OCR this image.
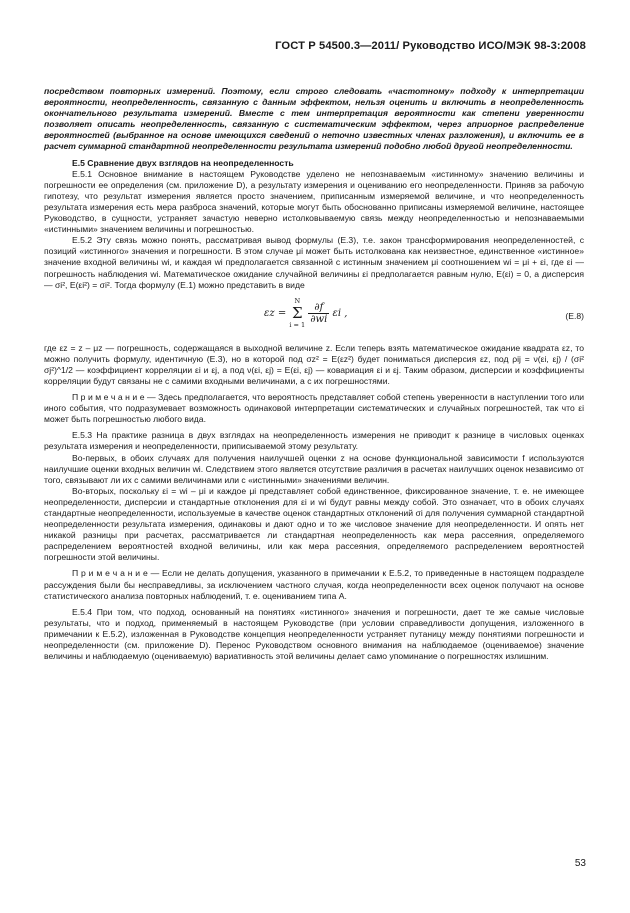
ГОСТ Р 54500.3—2011/ Руководство ИСО/МЭК 98-3:2008

посредством повторных измерений. Поэтому, если строго следовать «частотному» подходу к интерпретации вероятности, неопределенность, связанную с данным эффектом, нельзя оценить и включить в неопределенность окончательного результата измерений. Вместе с тем интерпретация вероятности как степени уверенности позволяет описать неопределенность, связанную с систематическим эффектом, через априорное распределение вероятностей (выбранное на основе имеющихся сведений о неточно известных членах разложения), и включить ее в расчет суммарной стандартной неопределенности результата измерений подобно любой другой неопределенности.

Е.5 Сравнение двух взглядов на неопределенность

Е.5.1 Основное внимание в настоящем Руководстве уделено не непознаваемым «истинному» значению величины и погрешности ее определения (см. приложение D), а результату измерения и оцениванию его неопределенности. Приняв за рабочую гипотезу, что результат измерения является просто значением, приписанным измеряемой величине, и что неопределенность результата измерения есть мера разброса значений, которые могут быть обоснованно приписаны измеряемой величине, настоящее Руководство, в сущности, устраняет зачастую неверно истолковываемую связь между неопределенностью и непознаваемыми «истинными» значением величины и погрешностью.

Е.5.2 Эту связь можно понять, рассматривая вывод формулы (Е.3), т.е. закон трансформирования неопределенностей, с позиций «истинного» значения и погрешности. В этом случае μi может быть истолкована как неизвестное, единственное «истинное» значение входной величины wi, и каждая wi предполагается связанной с истинным значением μi соотношением wi = μi + εi, где εi — погрешность наблюдения wi. Математическое ожидание случайной величины εi предполагается равным нулю, E(εi) = 0, а дисперсия — σi², E(εi²) = σi². Тогда формулу (Е.1) можно представить в виде

εz =
N
Σ
i = 1
$\frac{\partial f}{\partial wi}$ εi ,	(Е.8)

где εz = z – μz — погрешность, содержащаяся в выходной величине z. Если теперь взять математическое ожидание квадрата εz, то можно получить формулу, идентичную (Е.3), но в которой под σz² = E(εz²) будет пониматься дисперсия εz, под ρij = ν(εi, εj) / (σi² σj²)^1/2 — коэффициент корреляции εi и εj, а под ν(εi, εj) = E(εi, εj) — ковариация εi и εj. Таким образом, дисперсии и коэффициенты корреляции будут связаны не с самими входными величинами, а с их погрешностями.

П р и м е ч а н и е — Здесь предполагается, что вероятность представляет собой степень уверенности в наступлении того или иного события, что подразумевает возможность одинаковой интерпретации систематических и случайных погрешностей, так что εi может быть погрешностью любого вида.

Е.5.3 На практике разница в двух взглядах на неопределенность измерения не приводит к разнице в числовых оценках результата измерения и неопределенности, приписываемой этому результату.

Во-первых, в обоих случаях для получения наилучшей оценки z на основе функциональной зависимости f используются наилучшие оценки входных величин wi. Следствием этого является отсутствие различия в расчетах наилучших оценок независимо от того, связывают ли их с самими величинами или с «истинными» значениями величин.

Во-вторых, поскольку εi = wi – μi и каждое μi представляет собой единственное, фиксированное значение, т. е. не имеющее неопределенности, дисперсии и стандартные отклонения для εi и wi будут равны между собой. Это означает, что в обоих случаях стандартные неопределенности, используемые в качестве оценок стандартных отклонений σi для получения суммарной стандартной неопределенности результата измерения, одинаковы и дают одно и то же числовое значение для неопределенности. И опять нет никакой разницы при расчетах, рассматривается ли стандартная неопределенность как мера рассеяния, определяемого распределением вероятностей входной величины, или как мера рассеяния, определяемого распределением вероятностей погрешности этой величины.

П р и м е ч а н и е — Если не делать допущения, указанного в примечании к Е.5.2, то приведенные в настоящем подразделе рассуждения были бы несправедливы, за исключением частного случая, когда неопределенности всех оценок получают на основе статистического анализа повторных наблюдений, т. е. оцениванием типа А.

Е.5.4 При том, что подход, основанный на понятиях «истинного» значения и погрешности, дает те же самые числовые результаты, что и подход, применяемый в настоящем Руководстве (при условии справедливости допущения, изложенного в примечании к Е.5.2), изложенная в Руководстве концепция неопределенности устраняет путаницу между понятиями погрешности и неопределенности (см. приложение D). Перенос Руководством основного внимания на наблюдаемое (оцениваемое) значение величины и наблюдаемую (оцениваемую) вариативность этой величины делает само упоминание о погрешностях излишним.

53
